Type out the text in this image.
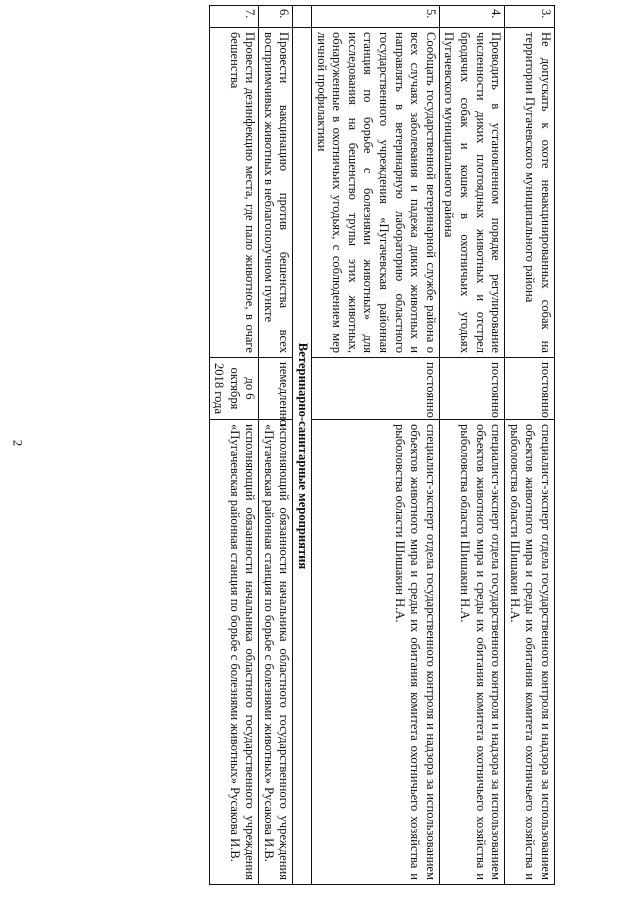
2
3.	Не допускать к охоте невакцинированных собак на территории Пугачевского муниципального района	постоянно	специалист-эксперт отдела государственного контроля и надзора за использованием объектов животного мира и среды их обитания комитета охотничьего хозяйства и рыболовства области Шишакин Н.А.
4.	Проводить в установленном порядке регулирование численности диких плотоядных животных и отстрел бродячих собак и кошек в охотничьих угодьях Пугачевского муниципального района	постоянно	специалист-эксперт отдела государственного контроля и надзора за использованием объектов животного мира и среды их обитания комитета охотничьего хозяйства и рыболовства области Шишакин Н.А.
5.	Сообщать государственной ветеринарной службе района о всех случаях заболевания и падежа диких животных и направлять в ветеринарную лабораторию областного государственного учреждения «Пугачевская районная станция по борьбе с болезнями животных» для исследования на бешенство трупы этих животных, обнаруженные в охотничьих угодьях, с соблюдением мер личной профилактики	постоянно	специалист-эксперт отдела государственного контроля и надзора за использованием объектов животного мира и среды их обитания комитета охотничьего хозяйства и рыболовства области Шишакин Н.А.
	Ветеринарно-санитарные мероприятия		
6.	Провести вакцинацию против бешенства всех восприимчивых животных в неблагополучном пункте	немедленно	исполняющий обязанности начальника областного государственного учреждения «Пугачевская районная станция по борьбе с болезнями животных» Русакова И.В.
7.	Провести дезинфекцию места, где пало животное, в очаге бешенства	до 6 октября 2018 года	исполняющий обязанности начальника областного государственного учреждения «Пугачевская районная станция по борьбе с болезнями животных» Русакова И.В.
